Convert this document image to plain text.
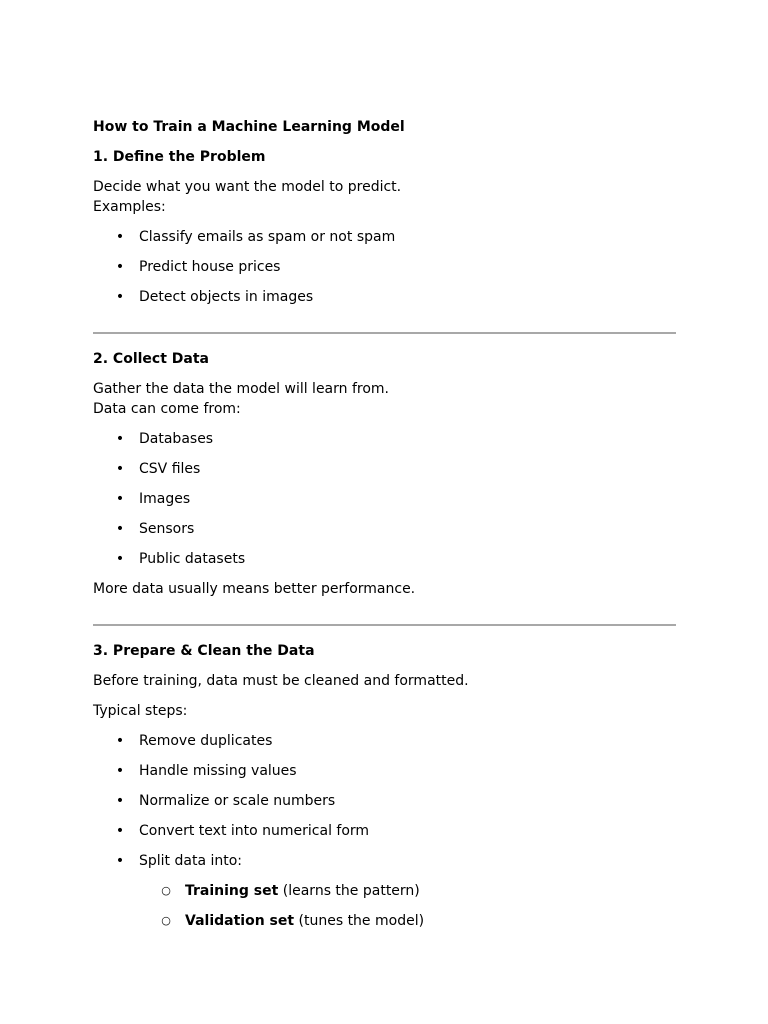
How to Train a Machine Learning Model
1. Define the Problem
Decide what you want the model to predict.
Examples:
• Classify emails as spam or not spam
• Predict house prices
• Detect objects in images
2. Collect Data
Gather the data the model will learn from.
Data can come from:
• Databases
• CSV files
• Images
• Sensors
• Public datasets
More data usually means better performance.
3. Prepare & Clean the Data
Before training, data must be cleaned and formatted.
Typical steps:
• Remove duplicates
• Handle missing values
• Normalize or scale numbers
• Convert text into numerical form
• Split data into:
○ Training set (learns the pattern)
○ Validation set (tunes the model)
